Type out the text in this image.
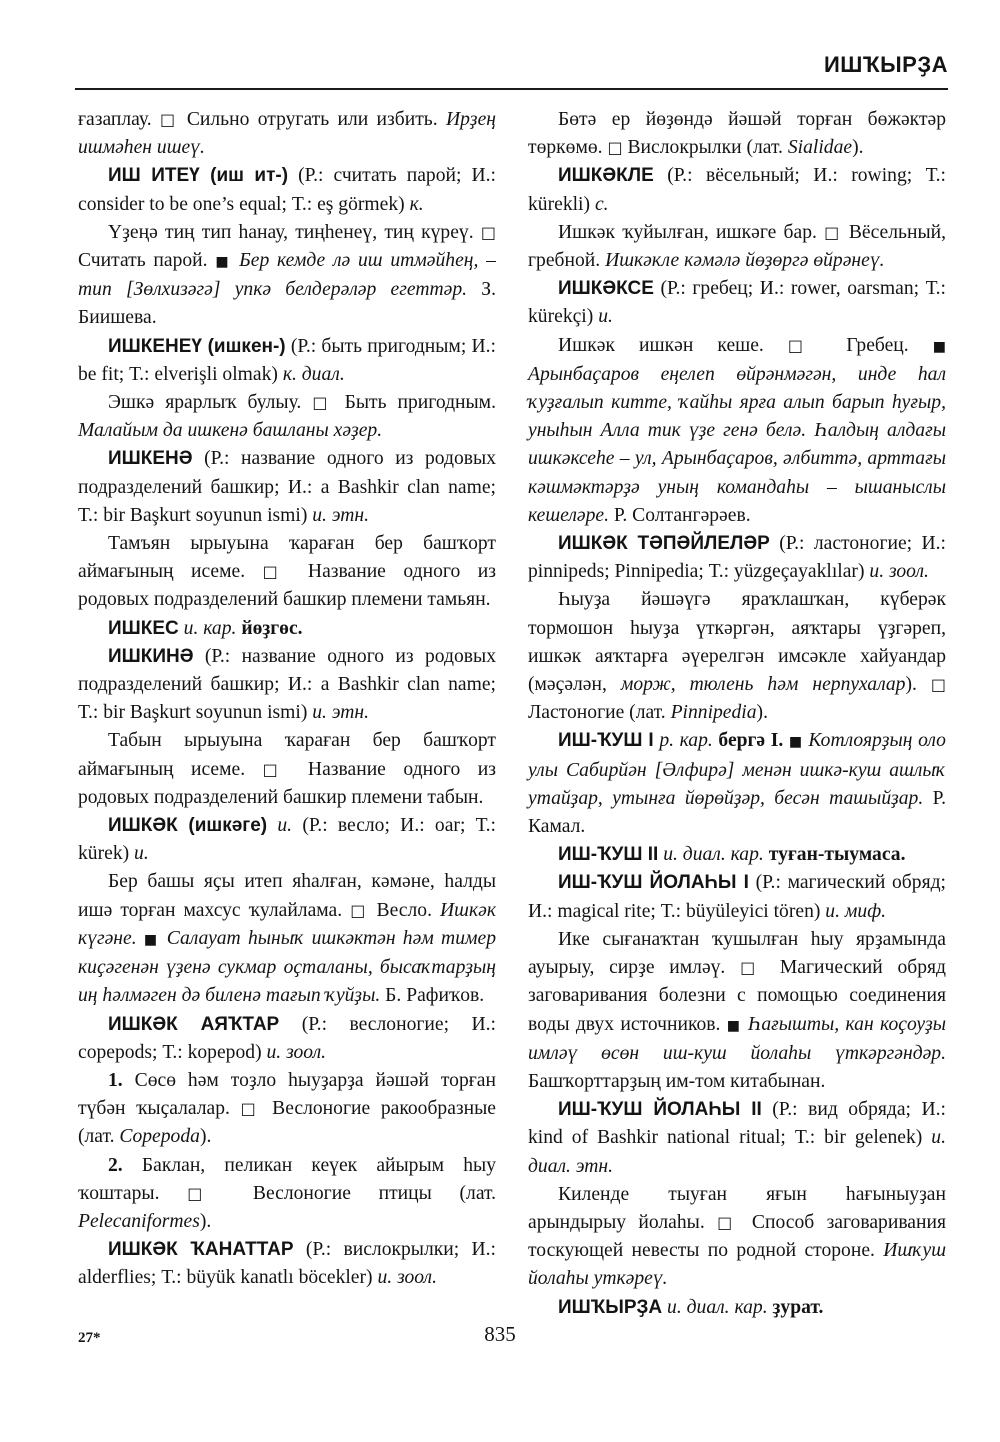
ИШҠЫРҘА

ғазаплау. □ Сильно отругать или избить. Ирҙең ишмәһен ишеү.

ИШ ИТЕҮ (иш ит-) (Р.: считать парой; И.: consider to be one’s equal; Т.: eş görmek) к.

Үҙеңә тиң тип һанау, тиңһенеү, тиң күреү. □ Считать парой. ■ Бер кемде лә иш итмәйһең, – тип [Зөлхизәгә] упкә белдерәләр егеттәр. З. Биишева.

ИШКЕНЕҮ (ишкен-) (Р.: быть пригодным; И.: be fit; Т.: elverişli olmak) к. диал.

Эшкә ярарлыҡ булыу. □ Быть пригодным. Малайым да ишкенә башланы хәҙер.

ИШКЕНӘ (Р.: название одного из родовых подразделений башкир; И.: a Bashkir clan name; Т.: bir Başkurt soyunun ismi) и. этн.

Тамъян ырыуына ҡараған бер башҡорт аймағының исеме. □ Название одного из родовых подразделений башкир племени тамьян.

ИШКЕС и. кар. йөҙгөс.

ИШКИНӘ (Р.: название одного из родовых подразделений башкир; И.: a Bashkir clan name; Т.: bir Başkurt soyunun ismi) и. этн.

Табын ырыуына ҡараған бер башҡорт аймағының исеме. □ Название одного из родовых подразделений башкир племени табын.

ИШКӘК (ишкәге) и. (Р.: весло; И.: oar; Т.: kürek) и.

Бер башы яҫы итеп яһалған, кәмәне, һалды ишә торған махсус ҡулайлама. □ Весло. Ишкәк күгәне. ■ Салауат һыныҡ ишкәктән һәм тимер киҫәгенән үҙенә сукмар оҫталаны, бысаҡтарҙың иң һәлмәген дә биленә тағып ҡуйҙы. Б. Рафиҡов.

ИШКӘК АЯҠТАР (Р.: веслоногие; И.: copepods; Т.: kopepod) и. зоол.

1. Сөсө һәм тоҙло һыуҙарҙа йәшәй торған түбән ҡыҫалалар. □ Веслоногие ракообразные (лат. Copepoda).

2. Баклан, пеликан кеүек айырым һыу ҡоштары. □ Веслоногие птицы (лат. Pelecaniformes).

ИШКӘК ҠАНАТТАР (Р.: вислокрылки; И.: alderflies; Т.: büyük kanatlı böcekler) и. зоол.

Бөтә ер йөҙөндә йәшәй торған бөжәктәр төркөмө. □ Вислокрылки (лат. Sialidae).

ИШКӘКЛЕ (Р.: вёсельный; И.: rowing; Т.: kürekli) с.

Ишкәк ҡуйылған, ишкәге бар. □ Вёсельный, гребной. Ишкәкле кәмәлә йөҙөргә өйрәнеү.

ИШКӘКСЕ (Р.: гребец; И.: rower, oarsman; Т.: kürekçi) и.

Ишкәк ишкән кеше. □ Гребец. ■ Арынбаҫаров еңелеп өйрәнмәгән, инде һал ҡуҙғалып китте, ҡайһы ярға алып барып һуғыр, уныһын Алла тик үҙе генә белә. Һалдың алдағы ишкәксеһе – ул, Арынбаҫаров, әлбиттә, арттағы кәшмәктәрҙә уның командаһы – ышаныслы кешеләре. Р. Солтангәрәев.

ИШКӘК ТӘПӘЙЛЕЛӘР (Р.: ластоногие; И.: pinnipeds; Pinnipedia; Т.: yüzgeçayaklılar) и. зоол.

Һыуҙа йәшәүгә яраҡлашҡан, күберәк тормошон һыуҙа үткәргән, аяҡтары үҙгәреп, ишкәк аяҡтарға әүерелгән имсәкле хайуандар (мәҫәлән, морж, тюлень һәм нерпухалар). □ Ластоногие (лат. Pinnipedia).

ИШ-ҠУШ I р. кар. бергә I. ■ Котлоярҙың оло улы Сабирйән [Әлфирә] менән ишкә-куш ашлыҡ утайҙар, утынға йөрөйҙәр, бесән ташыйҙар. Р. Камал.

ИШ-ҠУШ II и. диал. кар. туған-тыумаса.

ИШ-ҠУШ ЙОЛАҺЫ I (Р.: магический обряд; И.: magical rite; Т.: büyüleyici tören) и. миф.

Ике сығанаҡтан ҡушылған һыу ярҙамында ауырыу, сирҙе имләү. □ Магический обряд заговаривания болезни с помощью соединения воды двух источников. ■ Һағышты, кан коҫоуҙы имләү өсөн иш-куш йолаһы үткәргәндәр. Башҡорттарҙың им-том китабынан.

ИШ-ҠУШ ЙОЛАҺЫ II (Р.: вид обряда; И.: kind of Bashkir national ritual; Т.: bir gelenek) и. диал. этн.

Киленде тыуған яғын һағыныуҙан арындырыу йолаһы. □ Способ заговаривания тоскующей невесты по родной стороне. Ишҡуш йолаһы уткәреү.

ИШҠЫРҘА и. диал. кар. ҙурат.

27*	835
